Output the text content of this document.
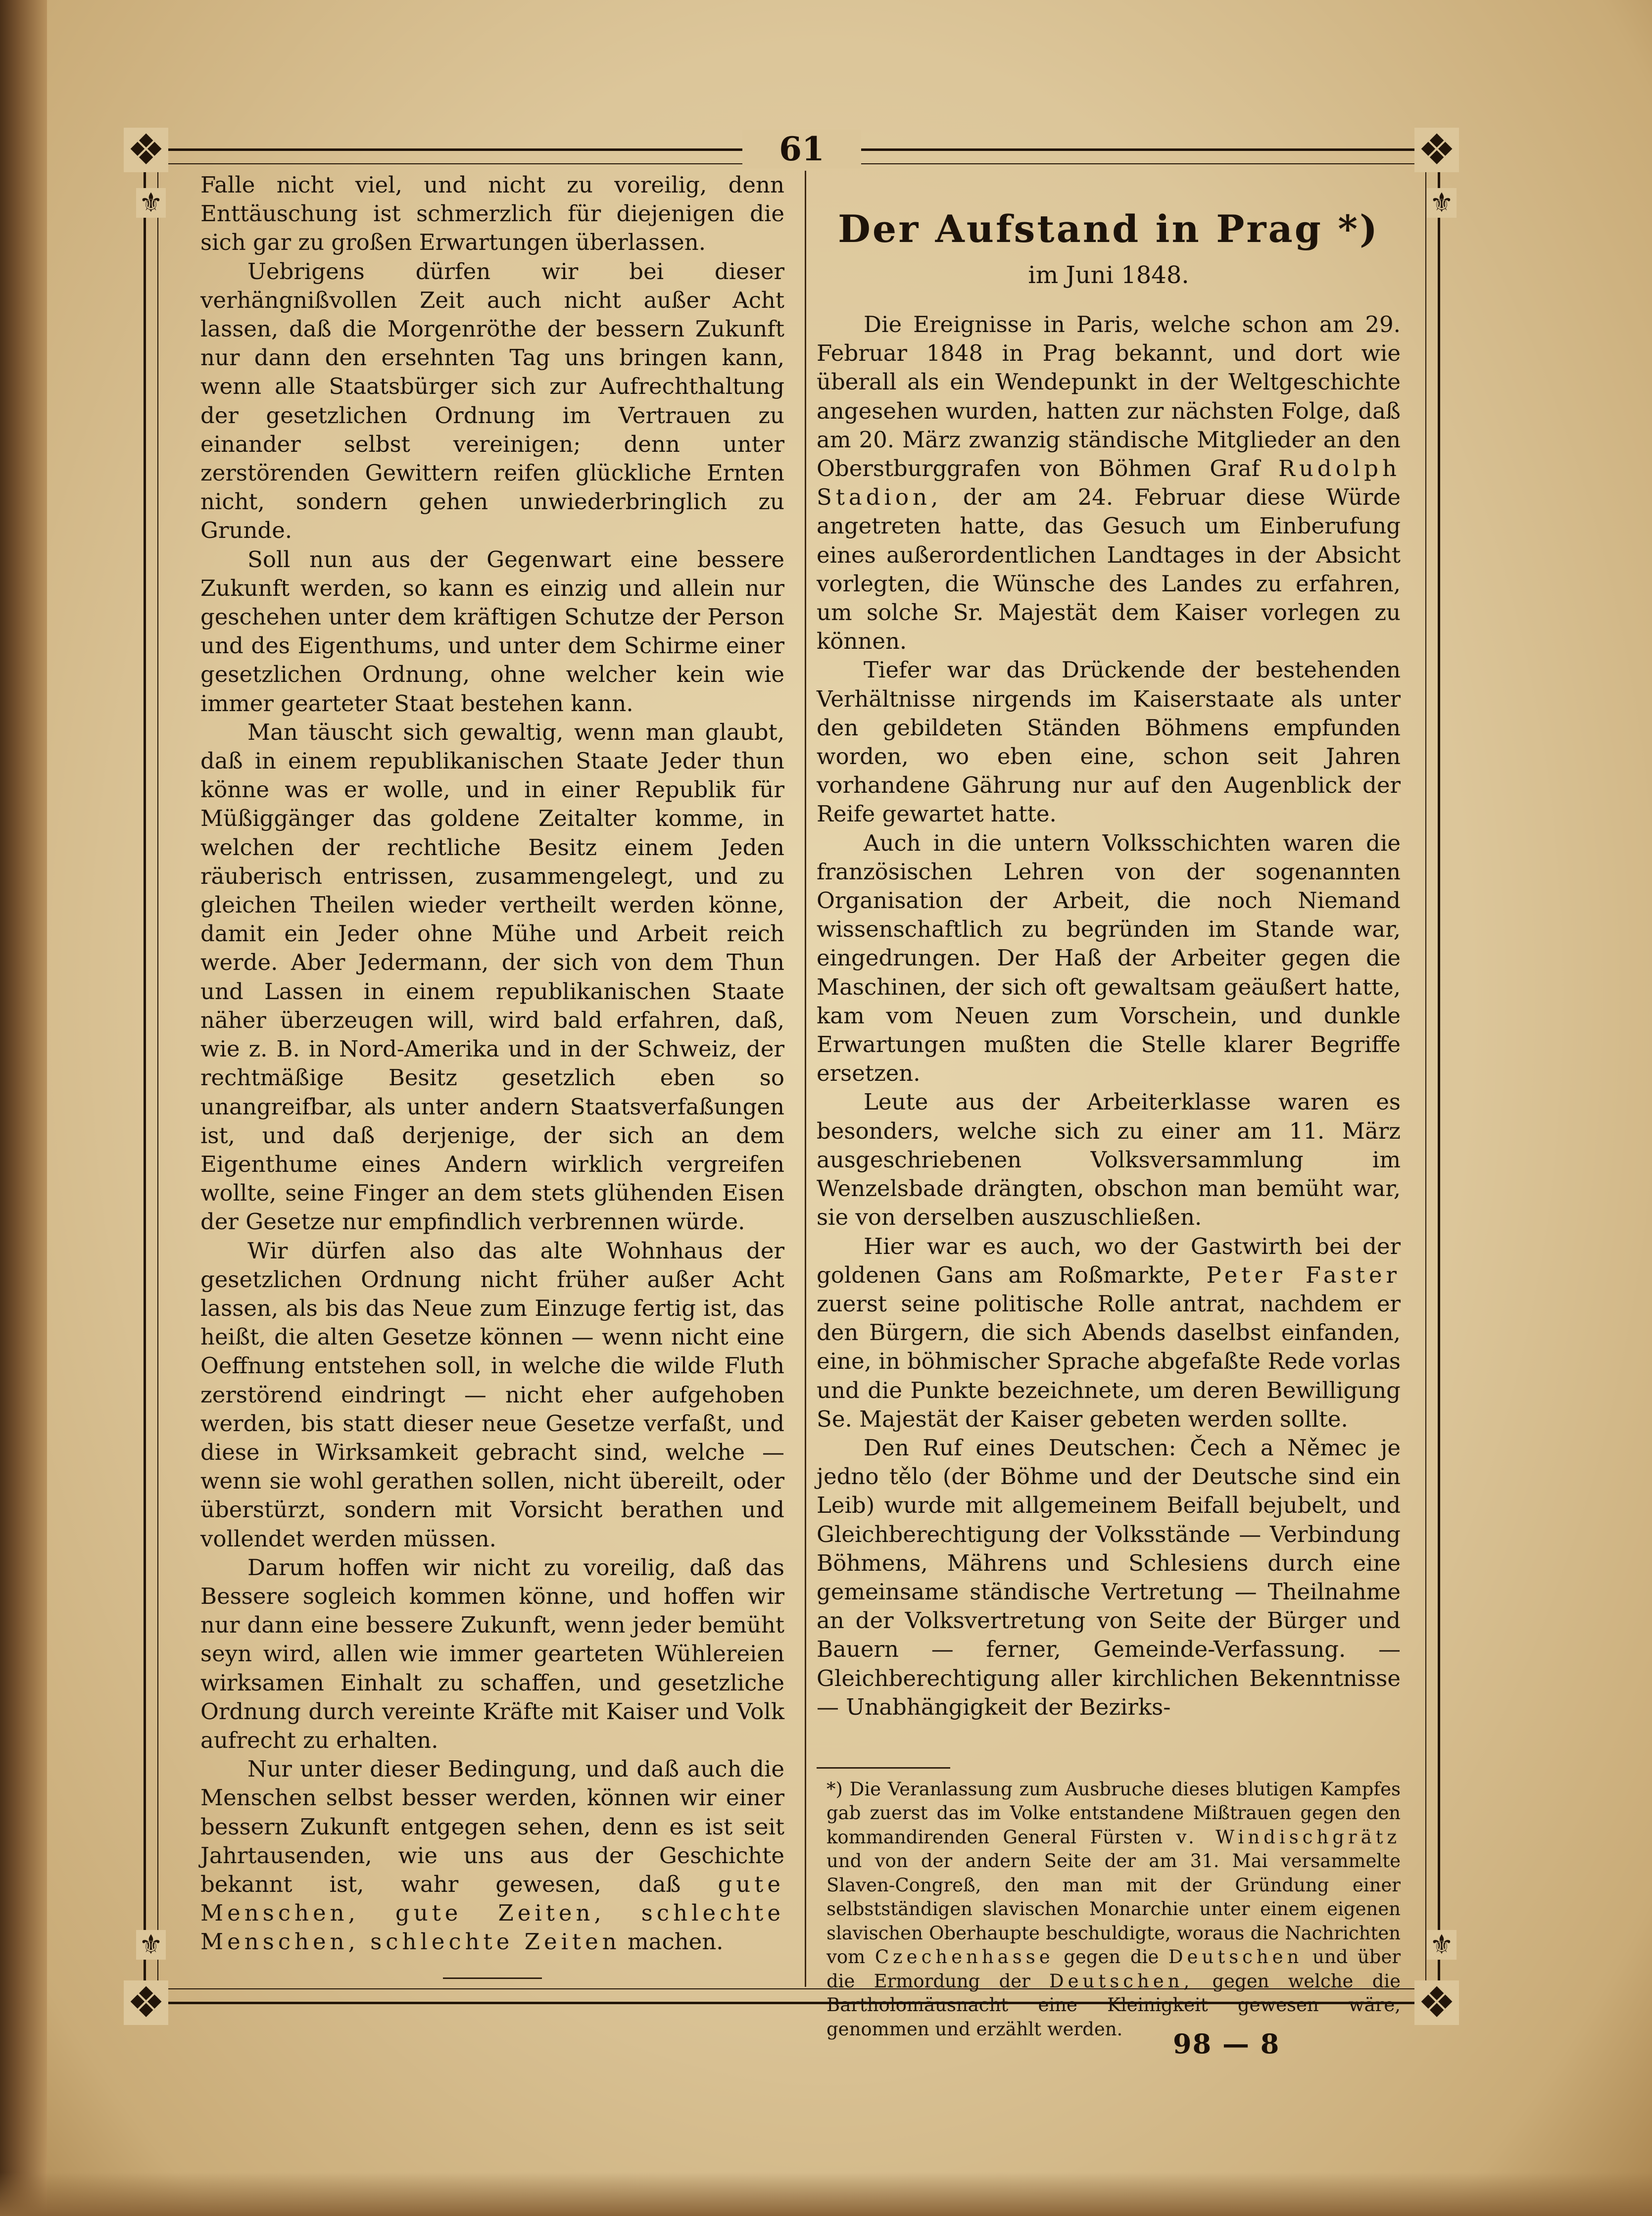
❖	❖
❖	❖
⚜	⚜
⚜	⚜
61

Falle nicht viel, und nicht zu voreilig, denn Enttäuschung ist schmerzlich für diejenigen die sich gar zu großen Erwartungen überlassen.

Uebrigens dürfen wir bei dieser verhängnißvollen Zeit auch nicht außer Acht lassen, daß die Morgenröthe der bessern Zukunft nur dann den ersehnten Tag uns bringen kann, wenn alle Staatsbürger sich zur Aufrechthaltung der gesetzlichen Ordnung im Vertrauen zu einander selbst vereinigen; denn unter zerstörenden Gewittern reifen glückliche Ernten nicht, sondern gehen unwiederbringlich zu Grunde.

Soll nun aus der Gegenwart eine bessere Zukunft werden, so kann es einzig und allein nur geschehen unter dem kräftigen Schutze der Person und des Eigenthums, und unter dem Schirme einer gesetzlichen Ordnung, ohne welcher kein wie immer gearteter Staat bestehen kann.

Man täuscht sich gewaltig, wenn man glaubt, daß in einem republikanischen Staate Jeder thun könne was er wolle, und in einer Republik für Müßiggänger das goldene Zeitalter komme, in welchen der rechtliche Besitz einem Jeden räuberisch entrissen, zusammengelegt, und zu gleichen Theilen wieder vertheilt werden könne, damit ein Jeder ohne Mühe und Arbeit reich werde. Aber Jedermann, der sich von dem Thun und Lassen in einem republikanischen Staate näher überzeugen will, wird bald erfahren, daß, wie z. B. in Nord-Amerika und in der Schweiz, der rechtmäßige Besitz gesetzlich eben so unangreifbar, als unter andern Staatsverfaßungen ist, und daß derjenige, der sich an dem Eigenthume eines Andern wirklich vergreifen wollte, seine Finger an dem stets glühenden Eisen der Gesetze nur empfindlich verbrennen würde.

Wir dürfen also das alte Wohnhaus der gesetzlichen Ordnung nicht früher außer Acht lassen, als bis das Neue zum Einzuge fertig ist, das heißt, die alten Gesetze können — wenn nicht eine Oeffnung entstehen soll, in welche die wilde Fluth zerstörend eindringt — nicht eher aufgehoben werden, bis statt dieser neue Gesetze verfaßt, und diese in Wirksamkeit gebracht sind, welche — wenn sie wohl gerathen sollen, nicht übereilt, oder überstürzt, sondern mit Vorsicht berathen und vollendet werden müssen.

Darum hoffen wir nicht zu voreilig, daß das Bessere sogleich kommen könne, und hoffen wir nur dann eine bessere Zukunft, wenn jeder bemüht seyn wird, allen wie immer gearteten Wühlereien wirksamen Einhalt zu schaffen, und gesetzliche Ordnung durch vereinte Kräfte mit Kaiser und Volk aufrecht zu erhalten.

Nur unter dieser Bedingung, und daß auch die Menschen selbst besser werden, können wir einer bessern Zukunft entgegen sehen, denn es ist seit Jahrtausenden, wie uns aus der Geschichte bekannt ist, wahr gewesen, daß gute Menschen, gute Zeiten, schlechte Menschen, schlechte Zeiten machen.

Der Aufstand in Prag *)
im Juni 1848.

Die Ereignisse in Paris, welche schon am 29. Februar 1848 in Prag bekannt, und dort wie überall als ein Wendepunkt in der Weltgeschichte angesehen wurden, hatten zur nächsten Folge, daß am 20. März zwanzig ständische Mitglieder an den Oberstburggrafen von Böhmen Graf Rudolph Stadion, der am 24. Februar diese Würde angetreten hatte, das Gesuch um Einberufung eines außerordentlichen Landtages in der Absicht vorlegten, die Wünsche des Landes zu erfahren, um solche Sr. Majestät dem Kaiser vorlegen zu können.

Tiefer war das Drückende der bestehenden Verhältnisse nirgends im Kaiserstaate als unter den gebildeten Ständen Böhmens empfunden worden, wo eben eine, schon seit Jahren vorhandene Gährung nur auf den Augenblick der Reife gewartet hatte.

Auch in die untern Volksschichten waren die französischen Lehren von der sogenannten Organisation der Arbeit, die noch Niemand wissenschaftlich zu begründen im Stande war, eingedrungen. Der Haß der Arbeiter gegen die Maschinen, der sich oft gewaltsam geäußert hatte, kam vom Neuen zum Vorschein, und dunkle Erwartungen mußten die Stelle klarer Begriffe ersetzen.

Leute aus der Arbeiterklasse waren es besonders, welche sich zu einer am 11. März ausgeschriebenen Volksversammlung im Wenzelsbade drängten, obschon man bemüht war, sie von derselben auszuschließen.

Hier war es auch, wo der Gastwirth bei der goldenen Gans am Roßmarkte, Peter Faster zuerst seine politische Rolle antrat, nachdem er den Bürgern, die sich Abends daselbst einfanden, eine, in böhmischer Sprache abgefaßte Rede vorlas und die Punkte bezeichnete, um deren Bewilligung Se. Majestät der Kaiser gebeten werden sollte.

Den Ruf eines Deutschen: Čech a Němec je jedno tělo (der Böhme und der Deutsche sind ein Leib) wurde mit allgemeinem Beifall bejubelt, und Gleichberechtigung der Volksstände — Verbindung Böhmens, Mährens und Schlesiens durch eine gemeinsame ständische Vertretung — Theilnahme an der Volksvertretung von Seite der Bürger und Bauern — ferner, Gemeinde-Verfassung. — Gleichberechtigung aller kirchlichen Bekenntnisse — Unabhängigkeit der Bezirks-

*) Die Veranlassung zum Ausbruche dieses blutigen Kampfes gab zuerst das im Volke entstandene Mißtrauen gegen den kommandirenden General Fürsten v. Windischgrätz und von der andern Seite der am 31. Mai versammelte Slaven-Congreß, den man mit der Gründung einer selbstständigen slavischen Monarchie unter einem eigenen slavischen Oberhaupte beschuldigte, woraus die Nachrichten vom Czechenhasse gegen die Deutschen und über die Ermordung der Deutschen, gegen welche die Bartholomäusnacht eine Kleinigkeit gewesen wäre, genommen und erzählt werden.	98 — 8
